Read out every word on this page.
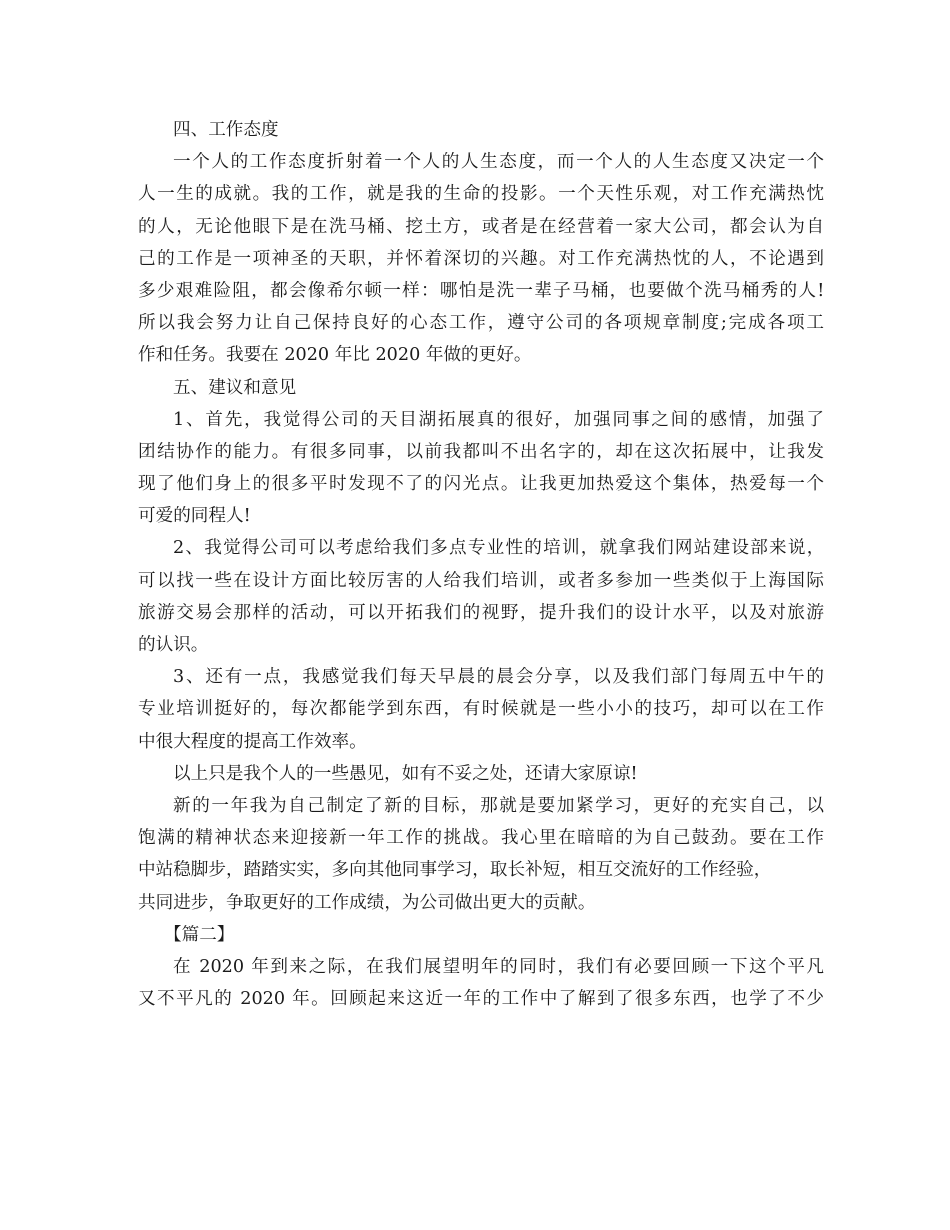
四、工作态度

一个人的工作态度折射着一个人的人生态度，而一个人的人生态度又决定一个

人一生的成就。我的工作，就是我的生命的投影。一个天性乐观，对工作充满热忱

的人，无论他眼下是在洗马桶、挖土方，或者是在经营着一家大公司，都会认为自

己的工作是一项神圣的天职，并怀着深切的兴趣。对工作充满热忱的人，不论遇到

多少艰难险阻，都会像希尔顿一样：哪怕是洗一辈子马桶，也要做个洗马桶秀的人!

所以我会努力让自己保持良好的心态工作，遵守公司的各项规章制度;完成各项工

作和任务。我要在 2020 年比 2020 年做的更好。

五、建议和意见

1、首先，我觉得公司的天目湖拓展真的很好，加强同事之间的感情，加强了

团结协作的能力。有很多同事，以前我都叫不出名字的，却在这次拓展中，让我发

现了他们身上的很多平时发现不了的闪光点。让我更加热爱这个集体，热爱每一个

可爱的同程人!

2、我觉得公司可以考虑给我们多点专业性的培训，就拿我们网站建设部来说，

可以找一些在设计方面比较厉害的人给我们培训，或者多参加一些类似于上海国际

旅游交易会那样的活动，可以开拓我们的视野，提升我们的设计水平，以及对旅游

的认识。

3、还有一点，我感觉我们每天早晨的晨会分享，以及我们部门每周五中午的

专业培训挺好的，每次都能学到东西，有时候就是一些小小的技巧，却可以在工作

中很大程度的提高工作效率。

以上只是我个人的一些愚见，如有不妥之处，还请大家原谅!

新的一年我为自己制定了新的目标，那就是要加紧学习，更好的充实自己，以

饱满的精神状态来迎接新一年工作的挑战。我心里在暗暗的为自己鼓劲。要在工作

中站稳脚步，踏踏实实，多向其他同事学习，取长补短，相互交流好的工作经验，

共同进步，争取更好的工作成绩，为公司做出更大的贡献。

【篇二】

在 2020 年到来之际，在我们展望明年的同时，我们有必要回顾一下这个平凡

又不平凡的 2020 年。回顾起来这近一年的工作中了解到了很多东西，也学了不少
